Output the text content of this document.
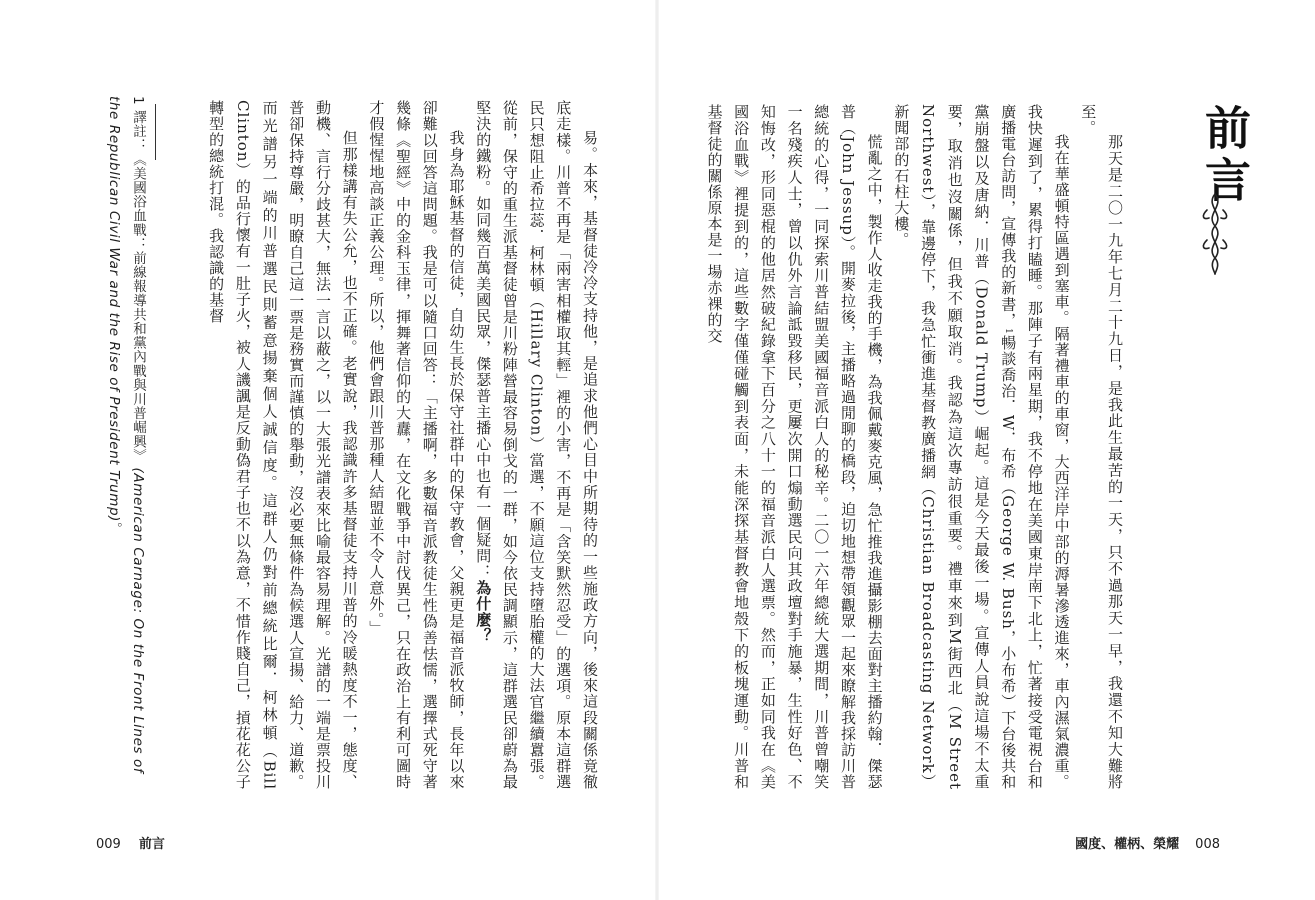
易。本來，基督徒冷冷支持他，是追求他們心目中所期待的一些施政方向，後來這段關係竟徹底走樣。川普不再是「兩害相權取其輕」裡的小害，不再是「含笑默然忍受」的選項。原本這群選民只想阻止希拉蕊．柯林頓（Hillary Clinton）當選，不願這位支持墮胎權的大法官繼續囂張。從前，保守的重生派基督徒曾是川粉陣營最容易倒戈的一群，如今依民調顯示，這群選民卻蔚為最堅決的鐵粉。如同幾百萬美國民眾，傑瑟普主播心中也有一個疑問：為什麼？

我身為耶穌基督的信徒，自幼生長於保守社群中的保守教會，父親更是福音派牧師，長年以來卻難以回答這問題。我是可以隨口回答：「主播啊，多數福音派教徒生性偽善怯懦，選擇式死守著幾條《聖經》中的金科玉律，揮舞著信仰的大纛，在文化戰爭中討伐異己，只在政治上有利可圖時才假惺惺地高談正義公理。所以，他們會跟川普那種人結盟並不令人意外。」

但那樣講有失公允，也不正確。老實說，我認識許多基督徒支持川普的冷暖熱度不一，態度、動機、言行分歧甚大，無法一言以蔽之，以一大張光譜表來比喻最容易理解。光譜的一端是票投川普卻保持尊嚴，明瞭自己這一票是務實而謹慎的舉動，沒必要無條件為候選人宣揚、給力、道歉。而光譜另一端的川普選民則蓄意揚棄個人誠信度。這群人仍對前總統比爾．柯林頓（Bill Clinton）的品行懷有一肚子火，被人譏諷是反動偽君子也不以為意，不惜作賤自己，摃花花公子轉型的總統打混。我認識的基督

1 譯註：《美國浴血戰：前線報導共和黨內戰與川普崛興》 (American Carnage: On the Front Lines of the Republican Civil War and the Rise of President Trump)。
009 前言
前言

那天是二〇一九年七月二十九日，是我此生最苦的一天，只不過那天一早，我還不知大難將至。

我在華盛頓特區遇到塞車。隔著禮車的車窗，大西洋岸中部的溽暑滲透進來，車內濕氣濃重。我快遲到了，累得打瞌睡。那陣子有兩星期，我不停地在美國東岸南下北上，忙著接受電視台和廣播電台訪問，宣傳我的新書，1暢談喬治．W．布希（George W. Bush，小布希）下台後共和黨崩盤以及唐納．川普（Donald Trump）崛起。這是今天最後一場。宣傳人員說這場不太重要，取消也沒關係，但我不願取消。我認為這次專訪很重要。禮車來到M街西北（M Street Northwest），靠邊停下，我急忙衝進基督教廣播網（Christian Broadcasting Network）新聞部的石柱大樓。

慌亂之中，製作人收走我的手機，為我佩戴麥克風，急忙推我進攝影棚去面對主播約翰．傑瑟普（John Jessup）。開麥拉後，主播略過閒聊的橋段，迫切地想帶領觀眾一起來瞭解我採訪川普總統的心得，一同探索川普結盟美國福音派白人的秘辛。二〇一六年總統大選期間，川普曾嘲笑一名殘疾人士，曾以仇外言論詆毀移民，更屢次開口煽動選民向其政壇對手施暴，生性好色、不知悔改，形同惡棍的他居然破紀錄拿下百分之八十一的福音派白人選票。然而，正如同我在《美國浴血戰》裡提到的，這些數字僅僅碰觸到表面，未能深探基督教會地殼下的板塊運動。川普和基督徒的關係原本是一場赤裸的交

國度、權柄、榮耀 008
